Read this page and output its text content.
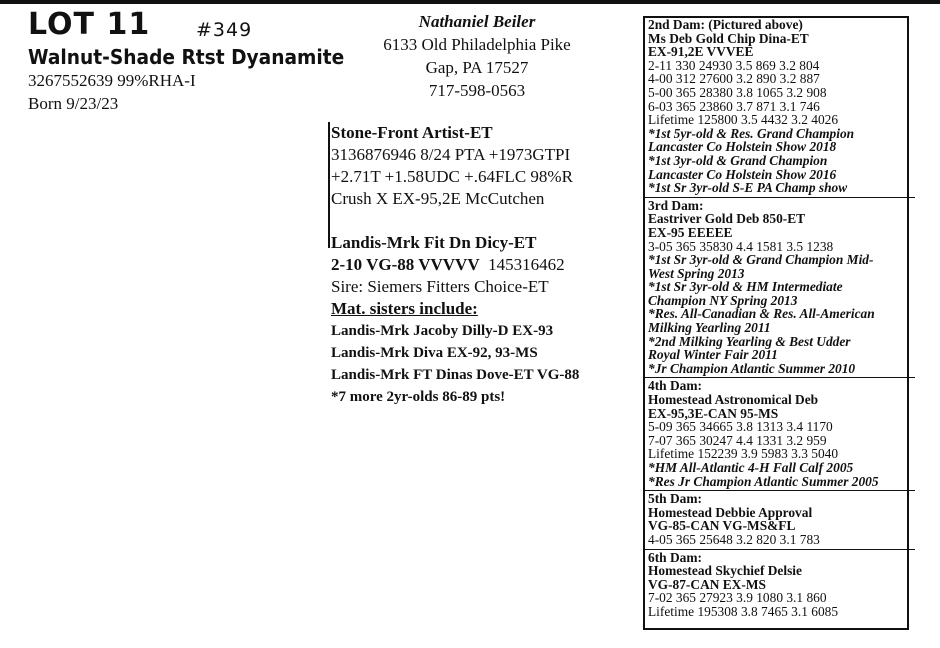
LOT 11 #349
Walnut-Shade Rtst Dyanamite
3267552639 99%RHA-I
Born 9/23/23
Nathaniel Beiler
6133 Old Philadelphia Pike
Gap, PA 17527
717-598-0563
Stone-Front Artist-ET
3136876946 8/24 PTA +1973GTPI
+2.71T +1.58UDC +.64FLC 98%R
Crush X EX-95,2E McCutchen
Landis-Mrk Fit Dn Dicy-ET
2-10 VG-88 VVVVV 145316462
Sire: Siemers Fitters Choice-ET
Mat. sisters include:
Landis-Mrk Jacoby Dilly-D EX-93
Landis-Mrk Diva EX-92, 93-MS
Landis-Mrk FT Dinas Dove-ET VG-88
*7 more 2yr-olds 86-89 pts!
2nd Dam: (Pictured above)
Ms Deb Gold Chip Dina-ET
EX-91,2E VVVEE
2-11 330 24930 3.5 869 3.2 804
4-00 312 27600 3.2 890 3.2 887
5-00 365 28380 3.8 1065 3.2 908
6-03 365 23860 3.7 871 3.1 746
Lifetime 125800 3.5 4432 3.2 4026
*1st 5yr-old & Res. Grand Champion
Lancaster Co Holstein Show 2018
*1st 3yr-old & Grand Champion
Lancaster Co Holstein Show 2016
*1st Sr 3yr-old S-E PA Champ show
3rd Dam:
Eastriver Gold Deb 850-ET
EX-95 EEEEE
3-05 365 35830 4.4 1581 3.5 1238
*1st Sr 3yr-old & Grand Champion Mid-
West Spring 2013
*1st Sr 3yr-old & HM Intermediate
Champion NY Spring 2013
*Res. All-Canadian & Res. All-American
Milking Yearling 2011
*2nd Milking Yearling & Best Udder
Royal Winter Fair 2011
*Jr Champion Atlantic Summer 2010
4th Dam:
Homestead Astronomical Deb
EX-95,3E-CAN 95-MS
5-09 365 34665 3.8 1313 3.4 1170
7-07 365 30247 4.4 1331 3.2 959
Lifetime 152239 3.9 5983 3.3 5040
*HM All-Atlantic 4-H Fall Calf 2005
*Res Jr Champion Atlantic Summer 2005
5th Dam:
Homestead Debbie Approval
VG-85-CAN VG-MS&FL
4-05 365 25648 3.2 820 3.1 783
6th Dam:
Homestead Skychief Delsie
VG-87-CAN EX-MS
7-02 365 27923 3.9 1080 3.1 860
Lifetime 195308 3.8 7465 3.1 6085
